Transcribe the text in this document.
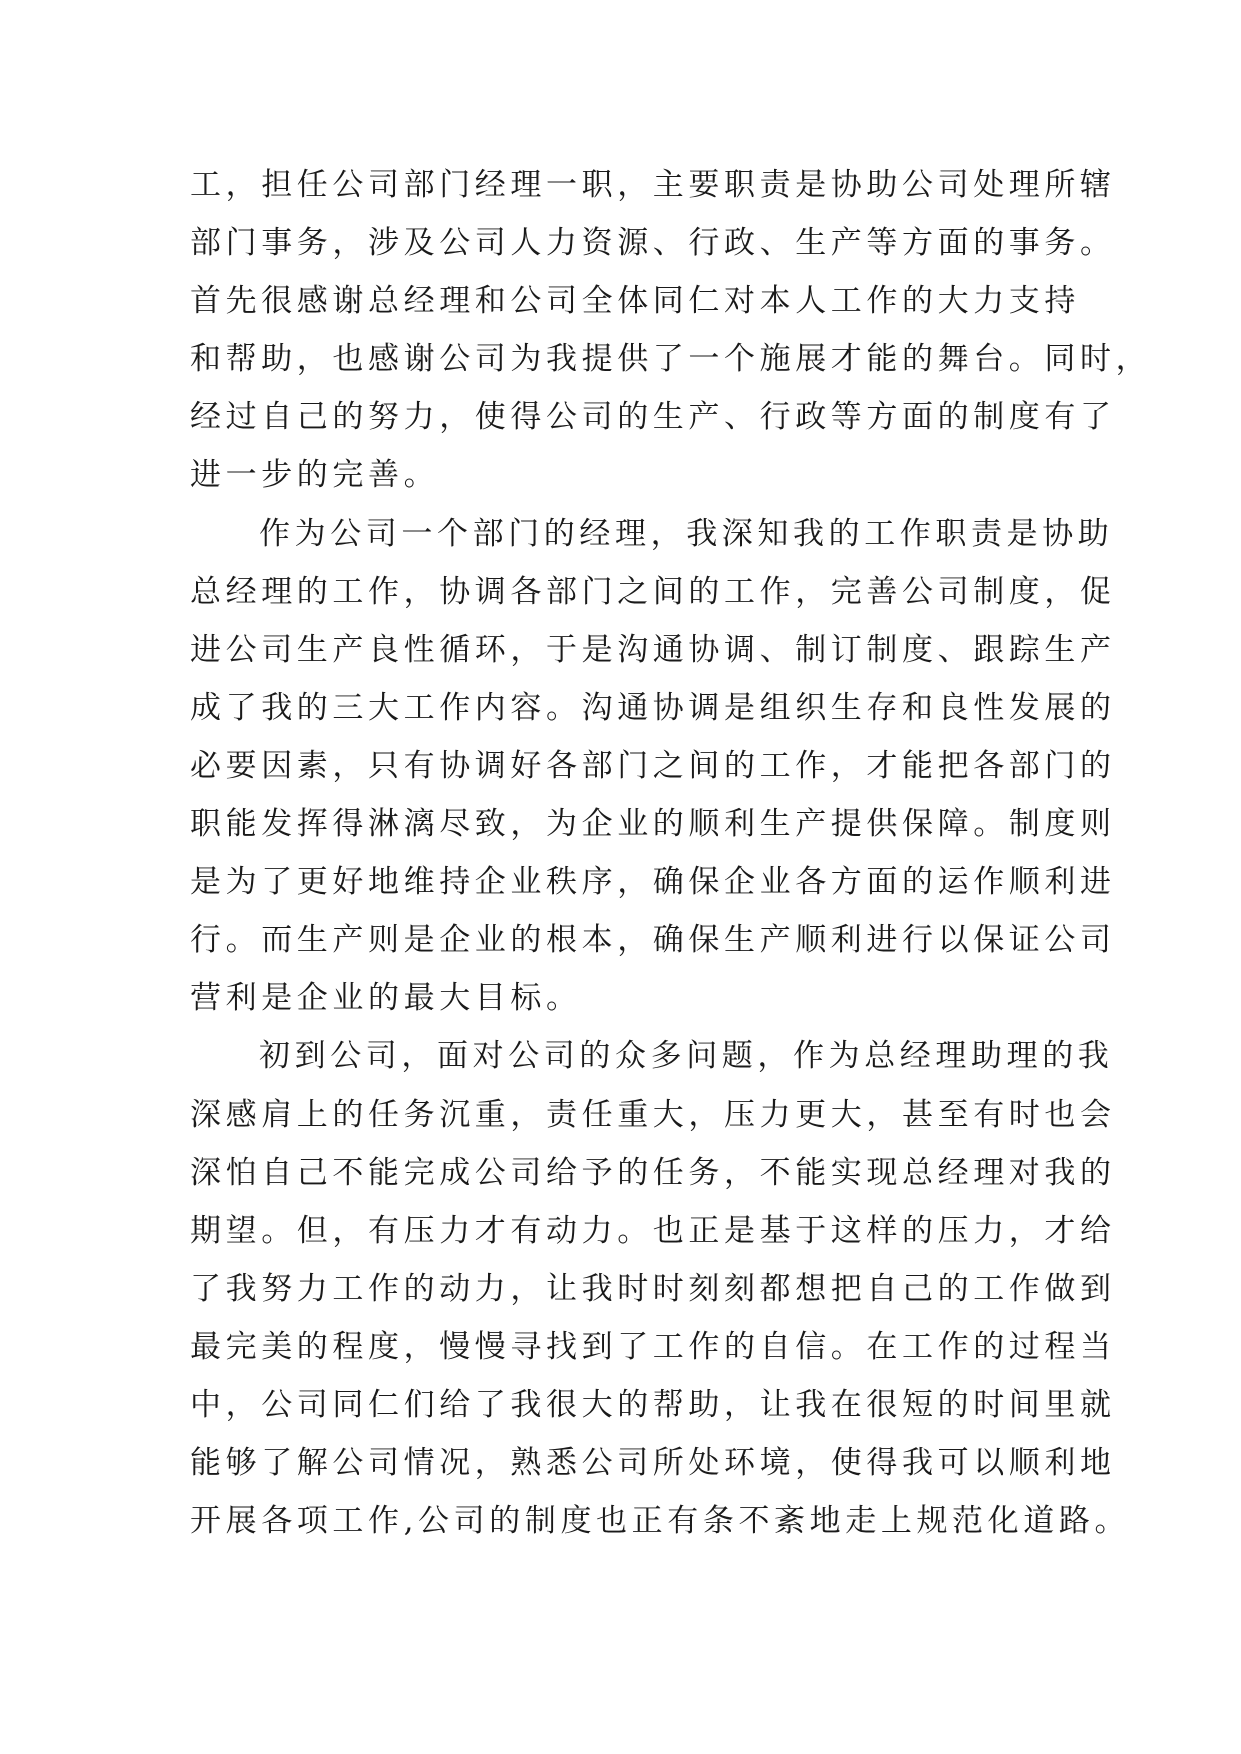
工，担任公司部门经理一职，主要职责是协助公司处理所辖
部门事务，涉及公司人力资源、行政、生产等方面的事务。
首先很感谢总经理和公司全体同仁对本人工作的大力支持
和帮助，也感谢公司为我提供了一个施展才能的舞台。同时，
经过自己的努力，使得公司的生产、行政等方面的制度有了
进一步的完善。
作为公司一个部门的经理，我深知我的工作职责是协助
总经理的工作，协调各部门之间的工作，完善公司制度，促
进公司生产良性循环，于是沟通协调、制订制度、跟踪生产
成了我的三大工作内容。沟通协调是组织生存和良性发展的
必要因素，只有协调好各部门之间的工作，才能把各部门的
职能发挥得淋漓尽致，为企业的顺利生产提供保障。制度则
是为了更好地维持企业秩序，确保企业各方面的运作顺利进
行。而生产则是企业的根本，确保生产顺利进行以保证公司
营利是企业的最大目标。
初到公司，面对公司的众多问题，作为总经理助理的我
深感肩上的任务沉重，责任重大，压力更大，甚至有时也会
深怕自己不能完成公司给予的任务，不能实现总经理对我的
期望。但，有压力才有动力。也正是基于这样的压力，才给
了我努力工作的动力，让我时时刻刻都想把自己的工作做到
最完美的程度，慢慢寻找到了工作的自信。在工作的过程当
中，公司同仁们给了我很大的帮助，让我在很短的时间里就
能够了解公司情况，熟悉公司所处环境，使得我可以顺利地
开展各项工作,公司的制度也正有条不紊地走上规范化道路。
